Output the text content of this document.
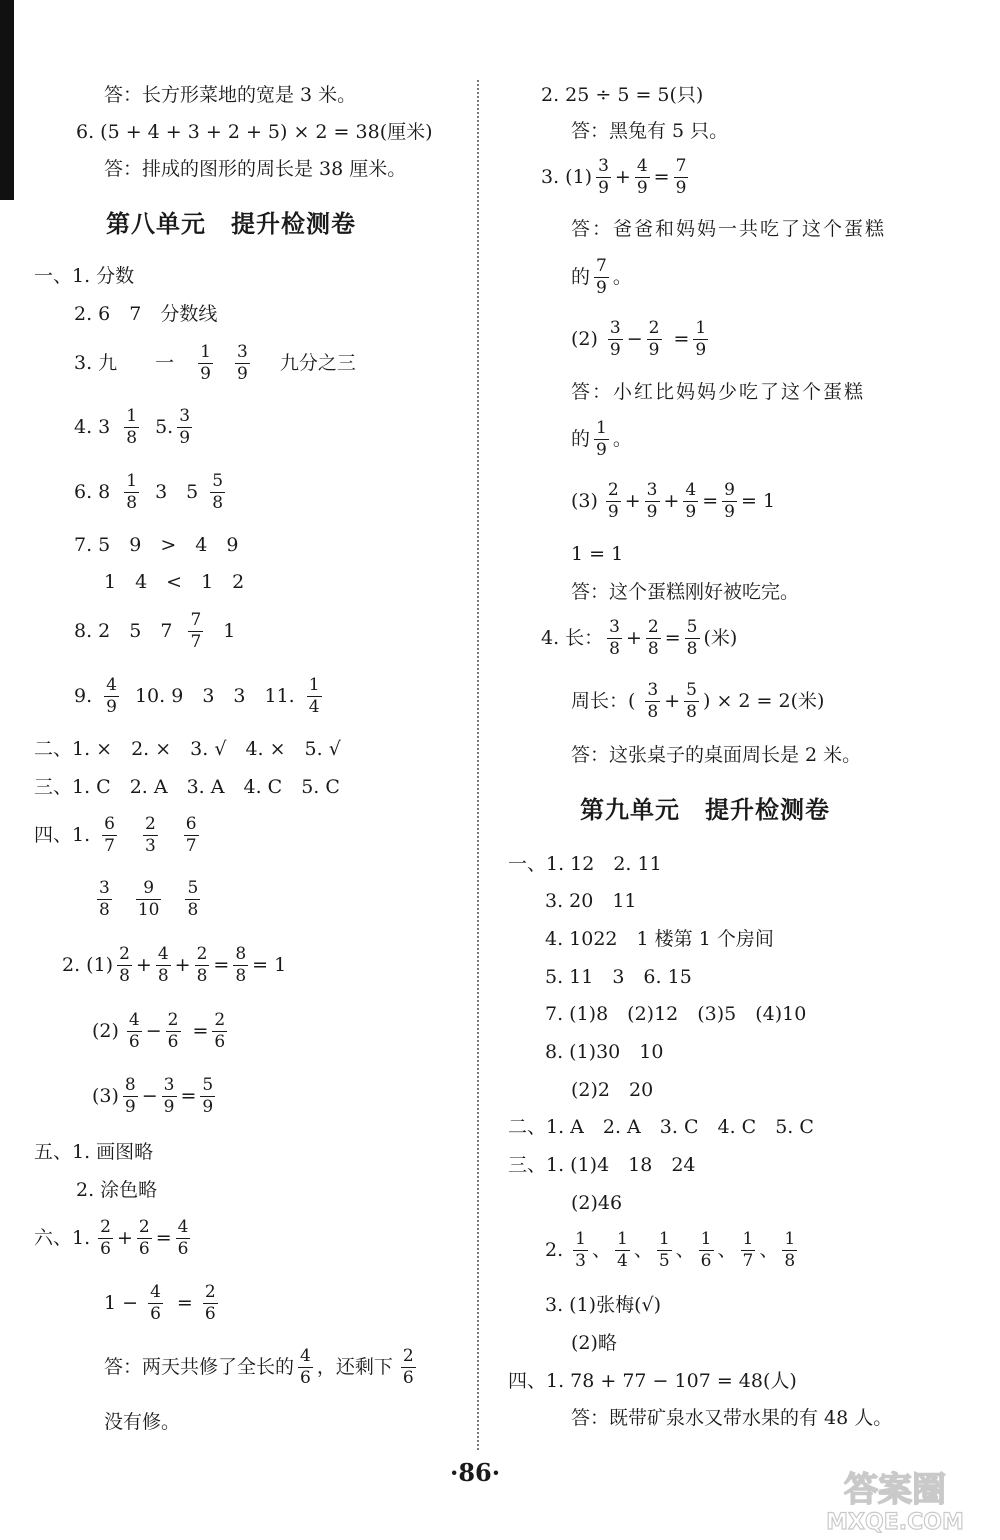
答：长方形菜地的宽是 3 米。
6. (5 + 4 + 3 + 2 + 5) × 2 = 38(厘米)
答：排成的图形的周长是 38 厘米。
第八单元　提升检测卷
一、1. 分数
2. 6　7　分数线
3. 九　　一
1
9
3
9 九分之三
4. 3
1
8 5.
3
9
6. 8
1
8 3　5
5
8
7. 5　9　>　4　9
1　4　<　1　2
8. 2　5　7
7
7 1
9.
4
9 10. 9　3　3　11.
1
4
二、1. ×　2. ×　3. √　4. ×　5. √
三、1. C　2. A　3. A　4. C　5. C
四、1.
6
7
2
3
6
7
3
8
9
10
5
8
2. (1)
2
$8 + \frac{4}{8} + \frac{2}{8} = \frac{8}{8} = 1$
(2)
4
$6 - \frac{2}{6} = \frac{2}{6}$
(3)
8
$9 - \frac{3}{9} = \frac{5}{9}$
五、1. 画图略
2. 涂色略
六、1.
2
$6 + \frac{2}{6} = \frac{4}{6}$
$1 - \frac{4}{6} = \frac{2}{6}$
答：两天共修了全长的
4
6 ，还剩下
2
6
没有修。
2. 25 ÷ 5 = 5(只)
答：黑兔有 5 只。
3. (1)
3
$9 + \frac{4}{9} = \frac{7}{9}$
答：爸爸和妈妈一共吃了这个蛋糕
的
7
9 。
(2)
3
$9 - \frac{2}{9} = \frac{1}{9}$
答：小红比妈妈少吃了这个蛋糕
的
1
9 。
(3)
2
$9 + \frac{3}{9} + \frac{4}{9} = \frac{9}{9} = 1$
1 = 1
答：这个蛋糕刚好被吃完。
4. 长：
3
$8 + \frac{2}{8} = \frac{5}{8}$ (米)
周长：(
3
$8 + \frac{5}{8}$ ) × 2 = 2(米)
答：这张桌子的桌面周长是 2 米。
第九单元　提升检测卷
一、1. 12　2. 11
3. 20　11
4. 1022　1 楼第 1 个房间
5. 11　3　6. 15
7. (1)8　(2)12　(3)5　(4)10
8. (1)30　10
(2)2　20
二、1. A　2. A　3. C　4. C　5. C
三、1. (1)4　18　24
(2)46
2.
1
3 、
1
4 、
1
5 、
1
6 、
1
7 、
1
8
3. (1)张梅(√)
(2)略
四、1. 78 + 77 − 107 = 48(人)
答：既带矿泉水又带水果的有 48 人。
·86·	答案圈
MXQE.COM
